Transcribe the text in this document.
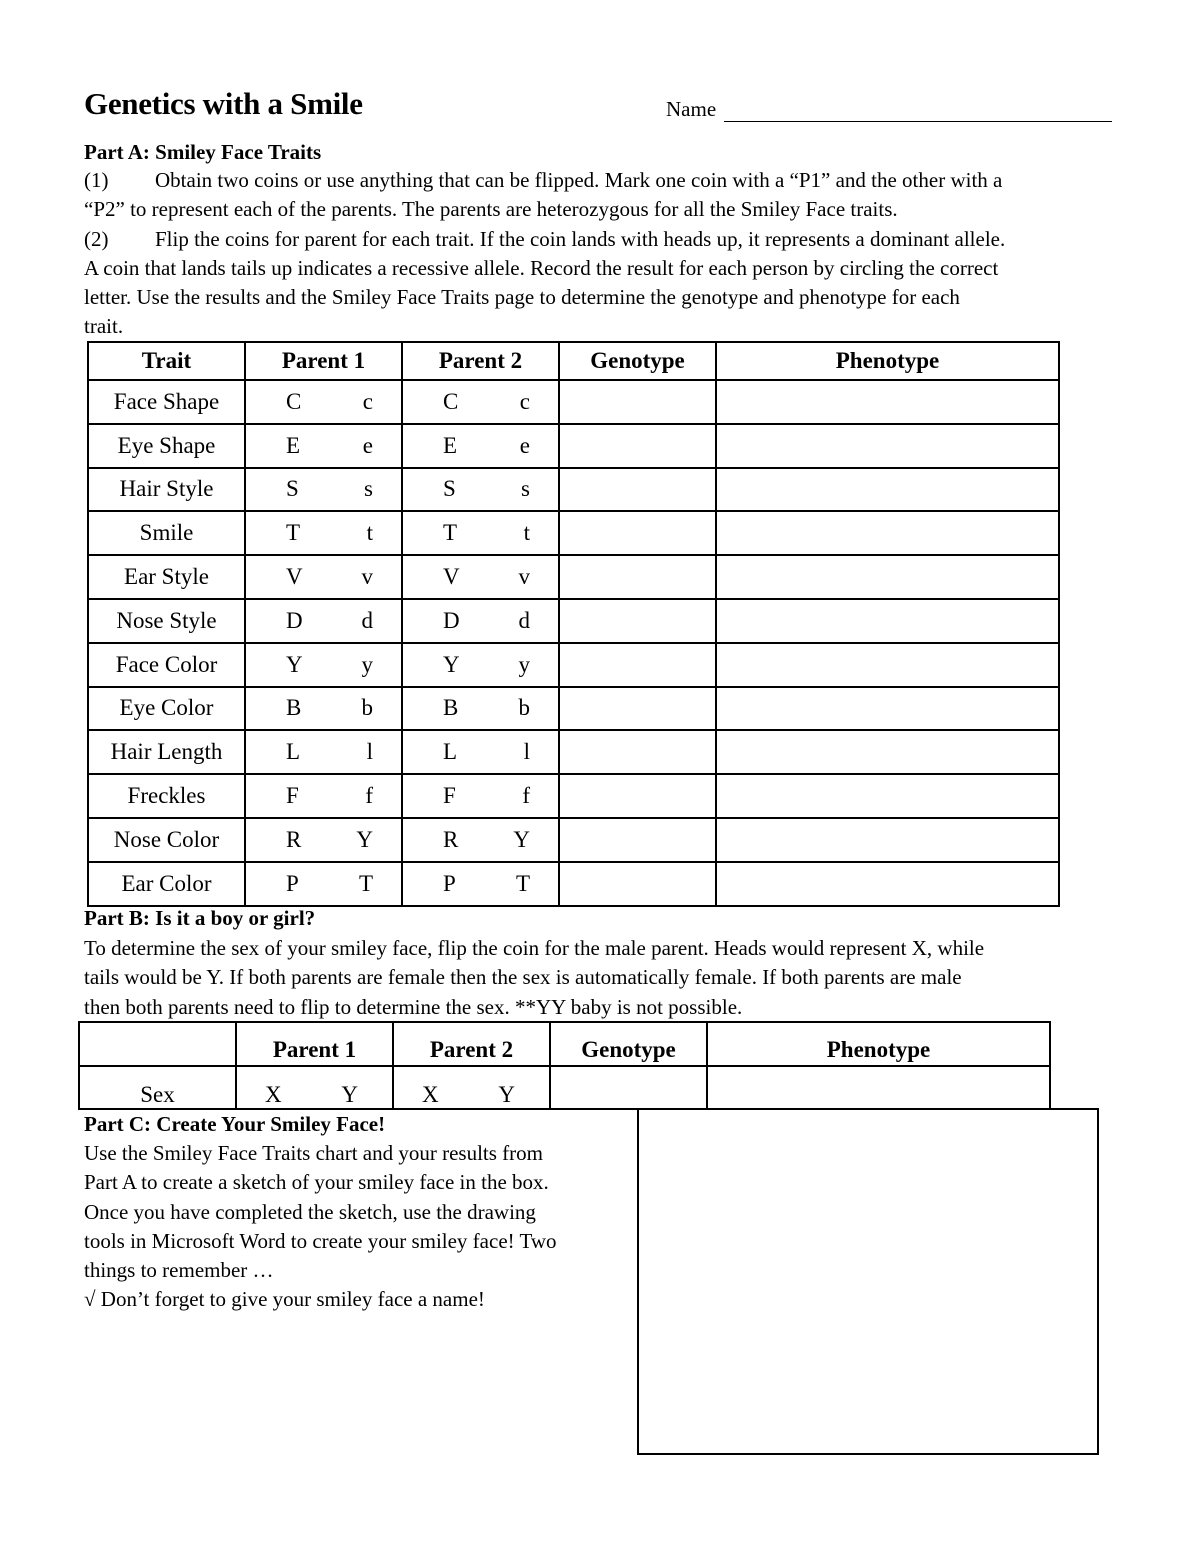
Genetics with a Smile	Name
Part A: Smiley Face Traits

(1) Obtain two coins or use anything that can be flipped. Mark one coin with a “P1” and the other with a

“P2” to represent each of the parents. The parents are heterozygous for all the Smiley Face traits.

(2) Flip the coins for parent for each trait. If the coin lands with heads up, it represents a dominant allele.

A coin that lands tails up indicates a recessive allele. Record the result for each person by circling the correct

letter. Use the results and the Smiley Face Traits page to determine the genotype and phenotype for each

trait.

Trait	Parent 1	Parent 2	Genotype	Phenotype
Face Shape	C c	C c		

Eye Shape	E e	E e		

Hair Style	S s	S s		

Smile	T t	T t		

Ear Style	V v	V v		

Nose Style	D d	D d		

Face Color	Y y	Y y		

Eye Color	B b	B b		

Hair Length	L l	L l		

Freckles	F f	F f		

Nose Color	R Y	R Y		

Ear Color	P T	P T		

Part B: Is it a boy or girl?

To determine the sex of your smiley face, flip the coin for the male parent. Heads would represent X, while

tails would be Y. If both parents are female then the sex is automatically female. If both parents are male

then both parents need to flip to determine the sex. **YY baby is not possible.

	Parent 1	Parent 2	Genotype	Phenotype
Sex	X Y	X Y		

Part C: Create Your Smiley Face!

Use the Smiley Face Traits chart and your results from

Part A to create a sketch of your smiley face in the box.

Once you have completed the sketch, use the drawing

tools in Microsoft Word to create your smiley face! Two

things to remember …

√ Don’t forget to give your smiley face a name!
